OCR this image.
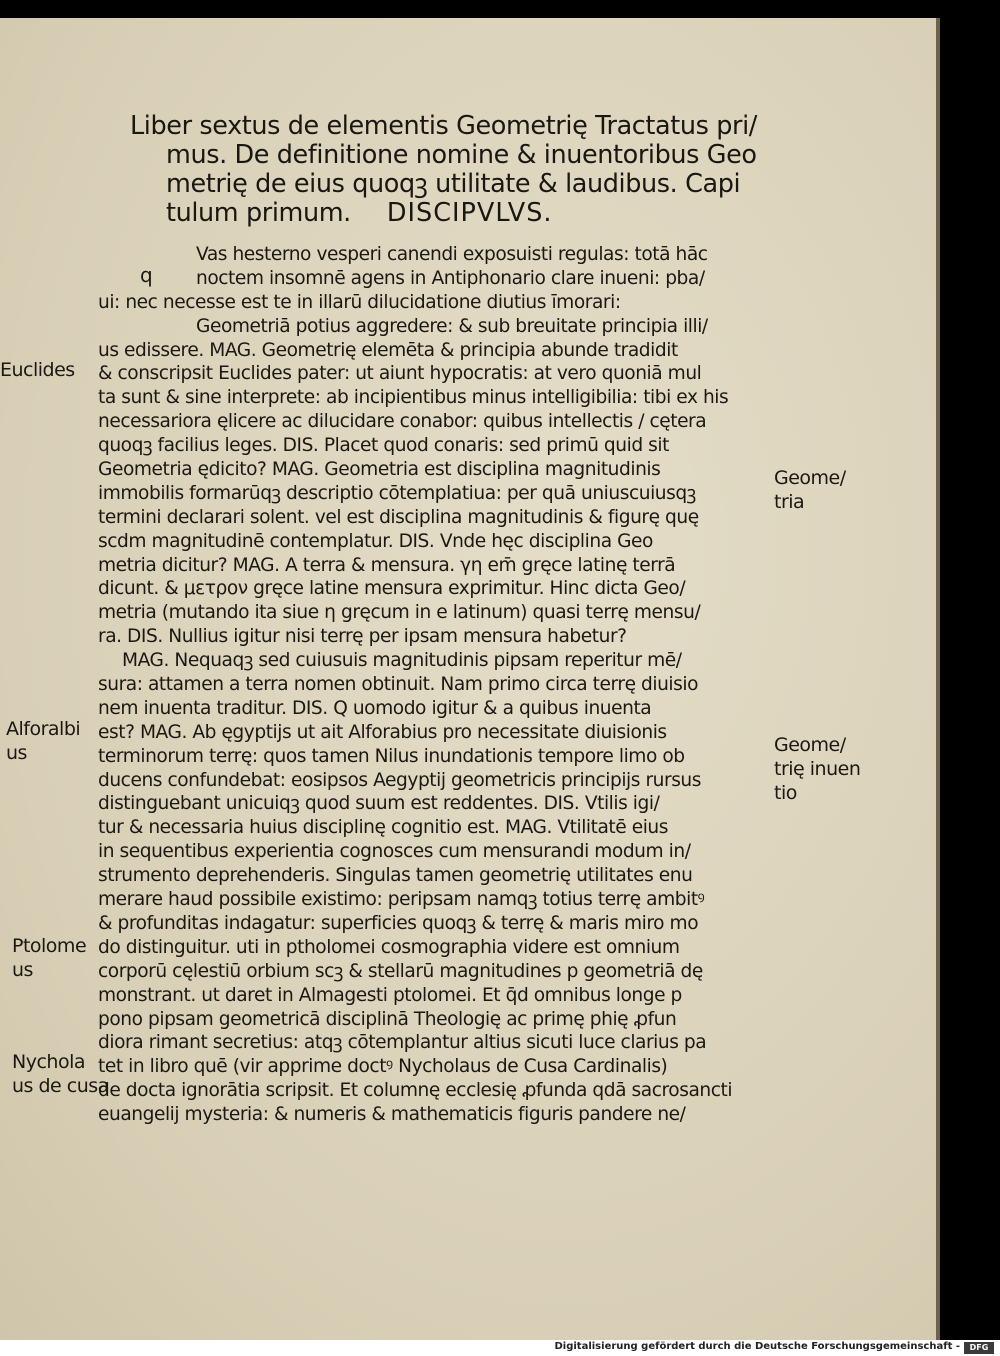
Liber sextus de elementis Geometrię Tractatus pri/
mus. De definitione nomine & inuentoribus Geo
metrię de eius quoqꝫ utilitate & laudibus. Capi
tulum primum. DISCIPVLVS.
q
Vas hesterno vesperi canendi exposuisti regulas: totā hāc
noctem insomnē agens in Antiphonario clare inueni: pba/
ui: nec necesse est te in illarū dilucidatione diutius īmorari:
Geometriā potius aggredere: & sub breuitate principia illi/
us edissere. MAG. Geometrię elemēta & principia abunde tradidit
& conscripsit Euclides pater: ut aiunt hypocratis: at vero quoniā mul
ta sunt & sine interprete: ab incipientibus minus intelligibilia: tibi ex his
necessariora ęlicere ac dilucidare conabor: quibus intellectis / cętera
quoqꝫ facilius leges. DIS. Placet quod conaris: sed primū quid sit
Geometria ędicito? MAG. Geometria est disciplina magnitudinis
immobilis formarūqꝫ descriptio cōtemplatiua: per quā uniuscuiusqꝫ
termini declarari solent. vel est disciplina magnitudinis & figurę quę
scdm magnitudinē contemplatur. DIS. Vnde hęc disciplina Geo
metria dicitur? MAG. A terra & mensura. γη em̄ gręce latinę terrā
dicunt. & μετρον gręce latine mensura exprimitur. Hinc dicta Geo/
metria (mutando ita siue η gręcum in e latinum) quasi terrę mensu/
ra. DIS. Nullius igitur nisi terrę per ipsam mensura habetur?
MAG. Nequaqꝫ sed cuiusuis magnitudinis pipsam reperitur mē/
sura: attamen a terra nomen obtinuit. Nam primo circa terrę diuisio
nem inuenta traditur. DIS. Q uomodo igitur & a quibus inuenta
est? MAG. Ab ęgyptijs ut ait Alforabius pro necessitate diuisionis
terminorum terrę: quos tamen Nilus inundationis tempore limo ob
ducens confundebat: eosipsos Aegyptij geometricis principijs rursus
distinguebant unicuiqꝫ quod suum est reddentes. DIS. Vtilis igi/
tur & necessaria huius disciplinę cognitio est. MAG. Vtilitatē eius
in sequentibus experientia cognosces cum mensurandi modum in/
strumento deprehenderis. Singulas tamen geometrię utilitates enu
merare haud possibile existimo: peripsam namqꝫ totius terrę ambitꝰ
& profunditas indagatur: superficies quoqꝫ & terrę & maris miro mo
do distinguitur. uti in ptholomei cosmographia videre est omnium
corporū cęlestiū orbium scꝫ & stellarū magnitudines p geometriā dę
monstrant. ut daret in Almagesti ptolomei. Et q̄d omnibus longe p
pono pipsam geometricā disciplinā Theologię ac primę phię ꝓfun
diora rimant secretius: atqꝫ cōtemplantur altius sicuti luce clarius pa
tet in libro quē (vir apprime doctꝰ Nycholaus de Cusa Cardinalis)
de docta ignorātia scripsit. Et columnę ecclesię ꝓfunda qdā sacrosancti
euangelij mysteria: & numeris & mathematicis figuris pandere ne/
Euclides
Alforalbi
us
Ptolome
us
Nychola
us de cusa
Geome/
tria
Geome/
trię inuen
tio
Digitalisierung gefördert durch die Deutsche Forschungsgemeinschaft -	DFG
